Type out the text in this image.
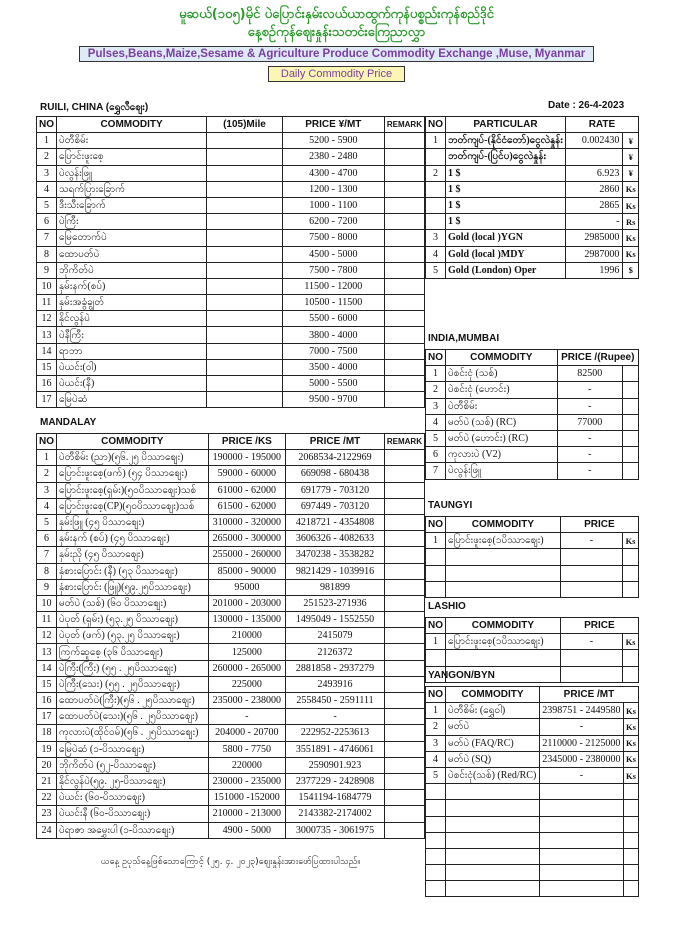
မူဆယ်(၁၀၅)မိုင် ပဲပြောင်းနှမ်းလယ်ယာထွက်ကုန်ပစ္စည်းကုန်စည်ဒိုင်
နေ့စဉ်ကုန်စျေးနှုန်းသတင်းကြေညာလွှာ
Pulses,Beans,Maize,Sesame & Agriculture Produce Commodity Exchange ,Muse, Myanmar
Daily Commodity Price
RUILI, CHINA (ရွှေလီဈေး)	Date : 26-4-2023
NO	COMMODITY	(105)Mile	PRICE ¥/MT	REMARK
1	ပဲတီစိမ်း		5200 - 5900	
2	ပြောင်းဖူးစေ့		2380 - 2480	
3	ပဲလွန်းဖြူ		4300 - 4700	
4	သရက်ပြားခြောက်		1200 - 1300	
5	ဒီးသီးခြောက်		1000 - 1100	
6	ပဲကြီး		6200 - 7200	
7	မြေတောက်ပဲ		7500 - 8000	
8	ထောပတ်ပဲ		4500 - 5000	
9	ဘိုကိတ်ပဲ		7500 - 7800	
10	နှမ်းနက်(စပ်)		11500 - 12000	
11	နှမ်းအခွံချွတ်		10500 - 11500	
12	နိုင်လွန်ပဲ		5500 - 6000	
13	ပဲနီကြီး		3800 - 4000	
14	ရာဘာ		7000 - 7500	
15	ပဲယင်း(ဝါ)		3500 - 4000	
16	ပဲယင်း(နီ)		5000 - 5500	
17	မြေပဲဆံ		9500 - 9700	
NO	PARTICULAR	RATE	
1	ဘတ်ကျပ်-(နိုင်ငံတော်)ငွေလဲနှုန်း	0.002430	¥
	ဘတ်ကျပ်-(ပြင်ပ)ငွေလဲနှုန်း		¥
2	1 $	6.923	¥
	1 $	2860	Ks
	1 $	2865	Ks
	1 $	-	Rs
3	Gold (local )YGN	2985000	Ks
4	Gold (local )MDY	2987000	Ks
5	Gold (London) Oper	1996	$
INDIA,MUMBAI
NO	COMMODITY	PRICE /(Rupee)	
1	ပဲစင်းငုံ (သစ်)	82500	
2	ပဲစင်းငုံ (ဟောင်း)	-	
3	ပဲတီစိမ်း	-	
4	မတ်ပဲ (သစ်) (RC)	77000	
5	မတ်ပဲ (ဟောင်း) (RC)	-	
6	ကုလားပဲ (V2)	-	
7	ပဲလွန်းဖြူ	-	
TAUNGYI
NO	COMMODITY	PRICE	
1	ပြောင်းဖူးစေ့(၁ပိဿာစျေး)	-	Ks

LASHIO
NO	COMMODITY	PRICE	
1	ပြောင်းဖူးစေ့(၁ပိဿာစျေး)	-	Ks

YANGON/BYN
NO	COMMODITY	PRICE /MT	
1	ပဲတီစိမ်း (ရွှေဝါ)	2398751 - 2449580	Ks
2	မတ်ပဲ	-	Ks
3	မတ်ပဲ (FAQ/RC)	2110000 - 2125000	Ks
4	မတ်ပဲ (SQ)	2345000 - 2380000	Ks
5	ပဲစင်းငုံ(သစ်) (Red/RC)	-	Ks

MANDALAY
NO	COMMODITY	PRICE /KS	PRICE /MT	REMARK
1	ပဲတီစိမ်း (ညာ)(၅၆.၂၅ ပိဿာစျေး)	190000 - 195000	2068534-2122969	
2	ပြောင်းဖူးစေ့(ဖက်) (၅၄ ပိဿာစျေး)	59000 - 60000	669098 - 680438	
3	ပြောင်းဖူးစေ့(ရှမ်း)(၅၀ပိဿာစျေး)သစ်	61000 - 62000	691779 - 703120	
4	ပြောင်းဖူးစေ့(CP)(၅၀ပိဿာစျေး)သစ်	61500 - 62000	697449 - 703120	
5	နှမ်းဖြူ (၄၅ ပိဿာစျေး)	310000 - 320000	4218721 - 4354808	
6	နှမ်းနက် (စပ်) (၄၅ ပိဿာစျေး)	265000 - 300000	3606326 - 4082633	
7	နှမ်းညို (၄၅ ပိဿာစျေး)	255000 - 260000	3470238 - 3538282	
8	နှံစားပြောင်း (နီ) (၅၃ ပိဿာစျေး)	85000 - 90000	9821429 - 1039916	
9	နှံစားပြောင်း (ဖြူ)(၅၉.၂၅ပိဿာစျေး)	95000	981899	
10	မတ်ပဲ (သစ်) (၆၀ ပိဿာစျေး)	201000 - 203000	251523-271936	
11	ပဲပုတ် (ရှမ်း) (၅၃.၂၅ ပိဿာစျေး)	130000 - 135000	1495049 - 1552550	
12	ပဲပုတ် (ဖက်) (၅၃.၂၅ ပိဿာစျေး)	210000	2415079	
13	ကြက်ဆူစေ့ (၃၆ ပိဿာစျေး)	125000	2126372	
14	ပဲကြီး(ကြီး) (၅၅ . ၂၅ပိဿာစျေး)	260000 - 265000	2881858 - 2937279	
15	ပဲကြီး(သေး) (၅၅ . ၂၅ပိဿာစျေး)	225000	2493916	
16	ထောပတ်ပဲ(ကြီး)(၅၆ . ၂၅ပိဿာစျေး)	235000 - 238000	2558450 - 2591111	
17	ထောပတ်ပဲ(သေး)(၅၆ . ၂၅ပိဿာစျေး)	-	-	
18	ကုလားပဲ(ထိုင်ဝမ်)(၅၆ . ၂၅ပိဿာစျေး)	204000 - 20700	222952-2253613	
19	မြေပဲဆံ (၁-ပိဿာစျေး)	5800 - 7750	3551891 - 4746061	
20	ဘိုကိတ်ပဲ (၅၂-ပိဿာစျေး)	220000	2590901.923	
21	နိုင်လွန်ပဲ(၅၉. ၂၅-ပိဿာစျေး)	230000 - 235000	2377229 - 2428908	
22	ပဲယင်း (၆၀-ပိဿာစျေး)	151000 -152000	1541194-1684779	
23	ပဲယင်းနီ (၆၀-ပိဿာစျေး)	210000 - 213000	2143382-2174002	
24	ပဲရာဇာ အမွှေးပါ (၁-ပိဿာစျေး)	4900 - 5000	3000735 - 3061975	
ယနေ့ ဥပုသ်နေ့ဖြစ်သောကြောင့် (၂၅. ၄. ၂၀၂၃)စျေးနှုန်းအားဖော်ပြထားပါသည်။
